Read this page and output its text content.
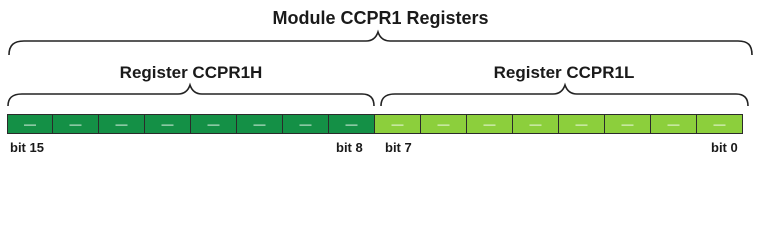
Module CCPR1 Registers
Register CCPR1H	Register CCPR1L
—	—	—	—	—	—	—	—	—	—	—	—	—	—	—	—
bit 15	bit 8 bit 7	bit 0
